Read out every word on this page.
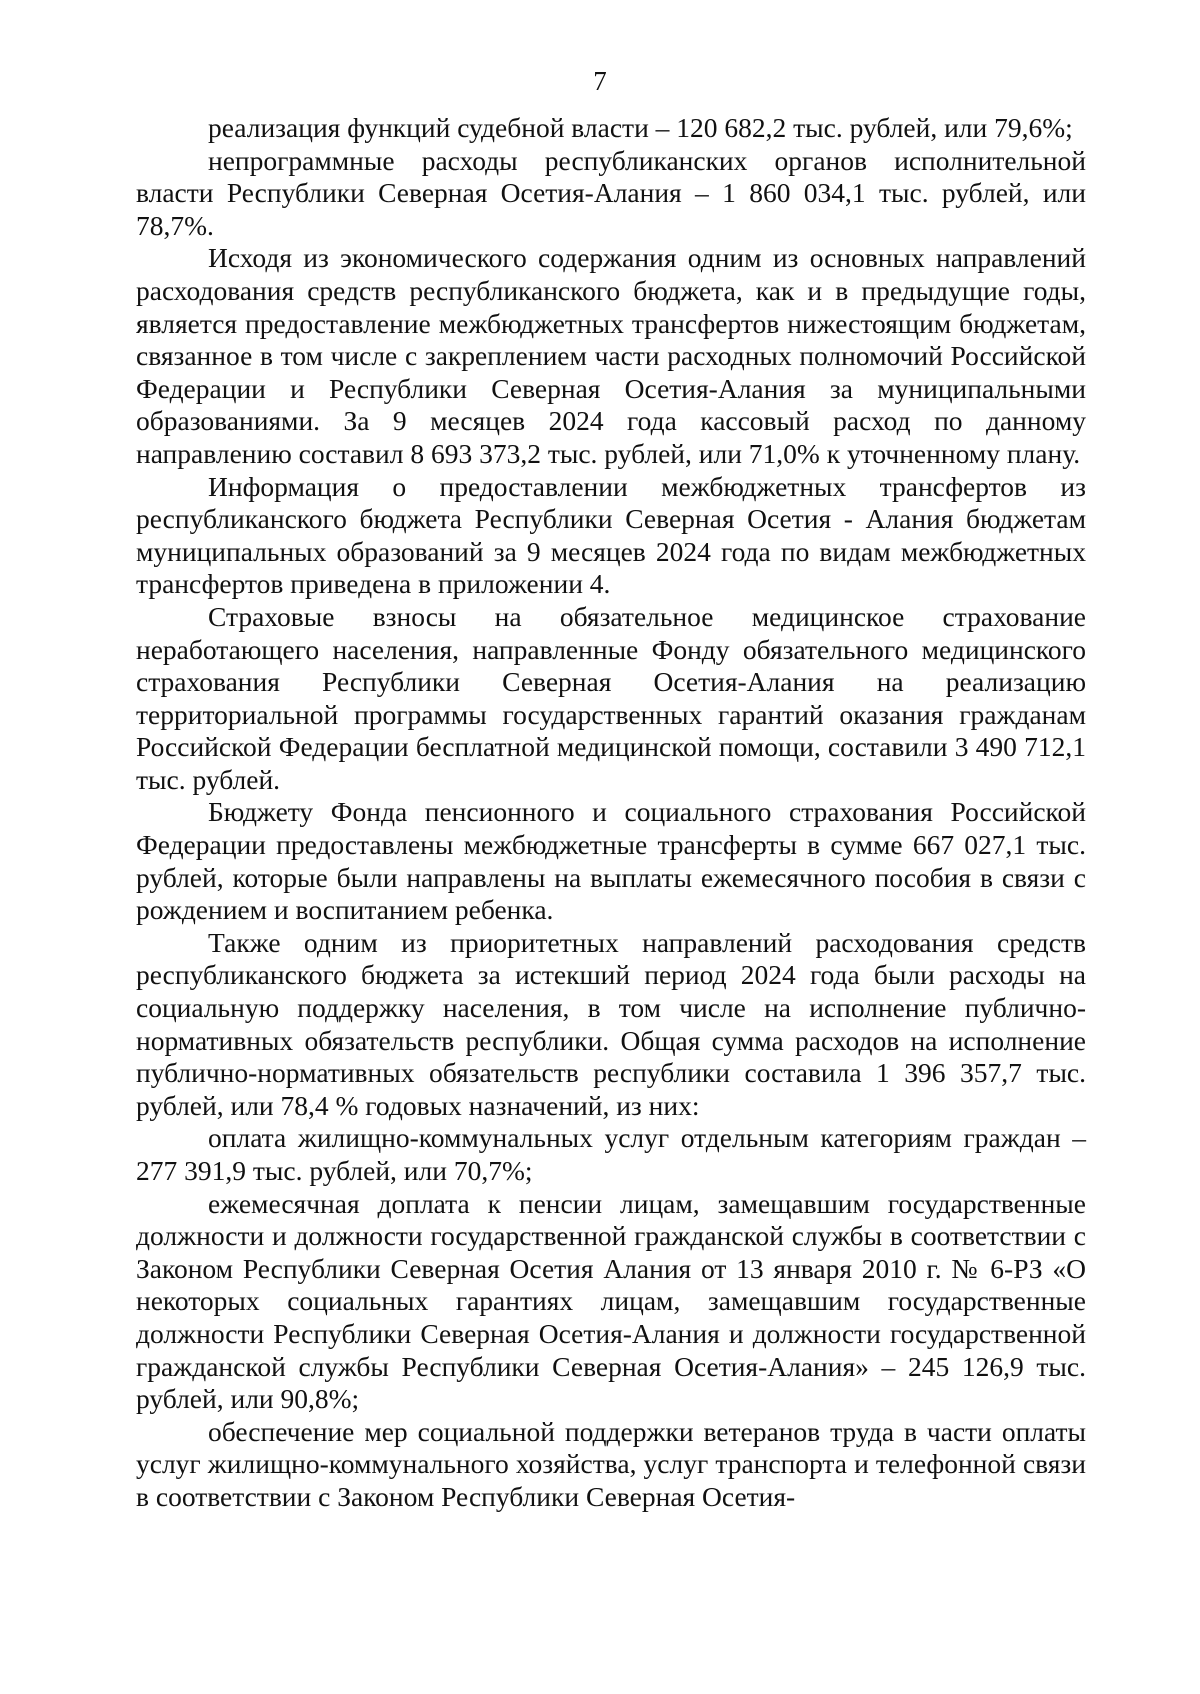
7

реализация функций судебной власти – 120 682,2 тыс. рублей, или 79,6%;

непрограммные расходы республиканских органов исполнительной власти Республики Северная Осетия-Алания – 1 860 034,1 тыс. рублей, или 78,7%.

Исходя из экономического содержания одним из основных направлений расходования средств республиканского бюджета, как и в предыдущие годы, является предоставление межбюджетных трансфертов нижестоящим бюджетам, связанное в том числе с закреплением части расходных полномочий Российской Федерации и Республики Северная Осетия-Алания за муниципальными образованиями. За 9 месяцев 2024 года кассовый расход по данному направлению составил 8 693 373,2 тыс. рублей, или 71,0% к уточненному плану.

Информация о предоставлении межбюджетных трансфертов из республиканского бюджета Республики Северная Осетия - Алания бюджетам муниципальных образований за 9 месяцев 2024 года по видам межбюджетных трансфертов приведена в приложении 4.

Страховые взносы на обязательное медицинское страхование неработающего населения, направленные Фонду обязательного медицинского страхования Республики Северная Осетия-Алания на реализацию территориальной программы государственных гарантий оказания гражданам Российской Федерации бесплатной медицинской помощи, составили 3 490 712,1 тыс. рублей.

Бюджету Фонда пенсионного и социального страхования Российской Федерации предоставлены межбюджетные трансферты в сумме 667 027,1 тыс. рублей, которые были направлены на выплаты ежемесячного пособия в связи с рождением и воспитанием ребенка.

Также одним из приоритетных направлений расходования средств республиканского бюджета за истекший период 2024 года были расходы на социальную поддержку населения, в том числе на исполнение публично-нормативных обязательств республики. Общая сумма расходов на исполнение публично-нормативных обязательств республики составила 1 396 357,7 тыс. рублей, или 78,4 % годовых назначений, из них:

оплата жилищно-коммунальных услуг отдельным категориям граждан – 277 391,9 тыс. рублей, или 70,7%;

ежемесячная доплата к пенсии лицам, замещавшим государственные должности и должности государственной гражданской службы в соответствии с Законом Республики Северная Осетия Алания от 13 января 2010 г. № 6-РЗ «О некоторых социальных гарантиях лицам, замещавшим государственные должности Республики Северная Осетия-Алания и должности государственной гражданской службы Республики Северная Осетия-Алания» – 245 126,9 тыс. рублей, или 90,8%;

обеспечение мер социальной поддержки ветеранов труда в части оплаты услуг жилищно-коммунального хозяйства, услуг транспорта и телефонной связи в соответствии с Законом Республики Северная Осетия-
